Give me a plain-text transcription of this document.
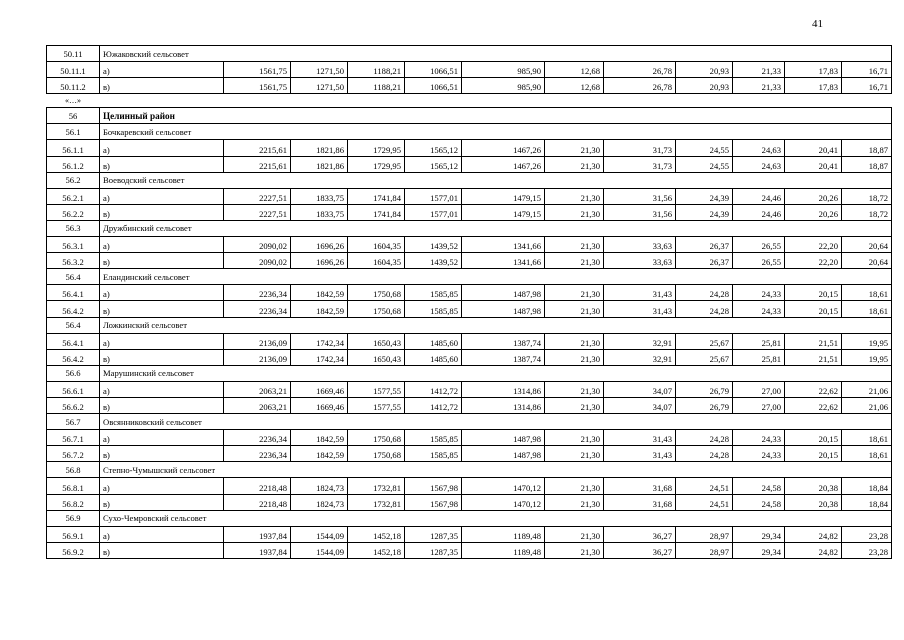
41
50.11	Южаковский сельсовет											
50.11.1	а)	1561,75	1271,50	1188,21	1066,51	985,90	12,68	26,78	20,93	21,33	17,83	16,71
50.11.2	в)	1561,75	1271,50	1188,21	1066,51	985,90	12,68	26,78	20,93	21,33	17,83	16,71
«…»												
56	Целинный район											
56.1	Бочкаревский сельсовет											
56.1.1	а)	2215,61	1821,86	1729,95	1565,12	1467,26	21,30	31,73	24,55	24,63	20,41	18,87
56.1.2	в)	2215,61	1821,86	1729,95	1565,12	1467,26	21,30	31,73	24,55	24,63	20,41	18,87
56.2	Воеводский сельсовет											
56.2.1	а)	2227,51	1833,75	1741,84	1577,01	1479,15	21,30	31,56	24,39	24,46	20,26	18,72
56.2.2	в)	2227,51	1833,75	1741,84	1577,01	1479,15	21,30	31,56	24,39	24,46	20,26	18,72
56.3	Дружбинский сельсовет											
56.3.1	а)	2090,02	1696,26	1604,35	1439,52	1341,66	21,30	33,63	26,37	26,55	22,20	20,64
56.3.2	в)	2090,02	1696,26	1604,35	1439,52	1341,66	21,30	33,63	26,37	26,55	22,20	20,64
56.4	Еландинский сельсовет											
56.4.1	а)	2236,34	1842,59	1750,68	1585,85	1487,98	21,30	31,43	24,28	24,33	20,15	18,61
56.4.2	в)	2236,34	1842,59	1750,68	1585,85	1487,98	21,30	31,43	24,28	24,33	20,15	18,61
56.4	Ложкинский сельсовет											
56.4.1	а)	2136,09	1742,34	1650,43	1485,60	1387,74	21,30	32,91	25,67	25,81	21,51	19,95
56.4.2	в)	2136,09	1742,34	1650,43	1485,60	1387,74	21,30	32,91	25,67	25,81	21,51	19,95
56.6	Марушинский сельсовет											
56.6.1	а)	2063,21	1669,46	1577,55	1412,72	1314,86	21,30	34,07	26,79	27,00	22,62	21,06
56.6.2	в)	2063,21	1669,46	1577,55	1412,72	1314,86	21,30	34,07	26,79	27,00	22,62	21,06
56.7	Овсянниковский сельсовет											
56.7.1	а)	2236,34	1842,59	1750,68	1585,85	1487,98	21,30	31,43	24,28	24,33	20,15	18,61
56.7.2	в)	2236,34	1842,59	1750,68	1585,85	1487,98	21,30	31,43	24,28	24,33	20,15	18,61
56.8	Степно-Чумышский сельсовет											
56.8.1	а)	2218,48	1824,73	1732,81	1567,98	1470,12	21,30	31,68	24,51	24,58	20,38	18,84
56.8.2	в)	2218,48	1824,73	1732,81	1567,98	1470,12	21,30	31,68	24,51	24,58	20,38	18,84
56.9	Сухо-Чемровский сельсовет											
56.9.1	а)	1937,84	1544,09	1452,18	1287,35	1189,48	21,30	36,27	28,97	29,34	24,82	23,28
56.9.2	в)	1937,84	1544,09	1452,18	1287,35	1189,48	21,30	36,27	28,97	29,34	24,82	23,28
